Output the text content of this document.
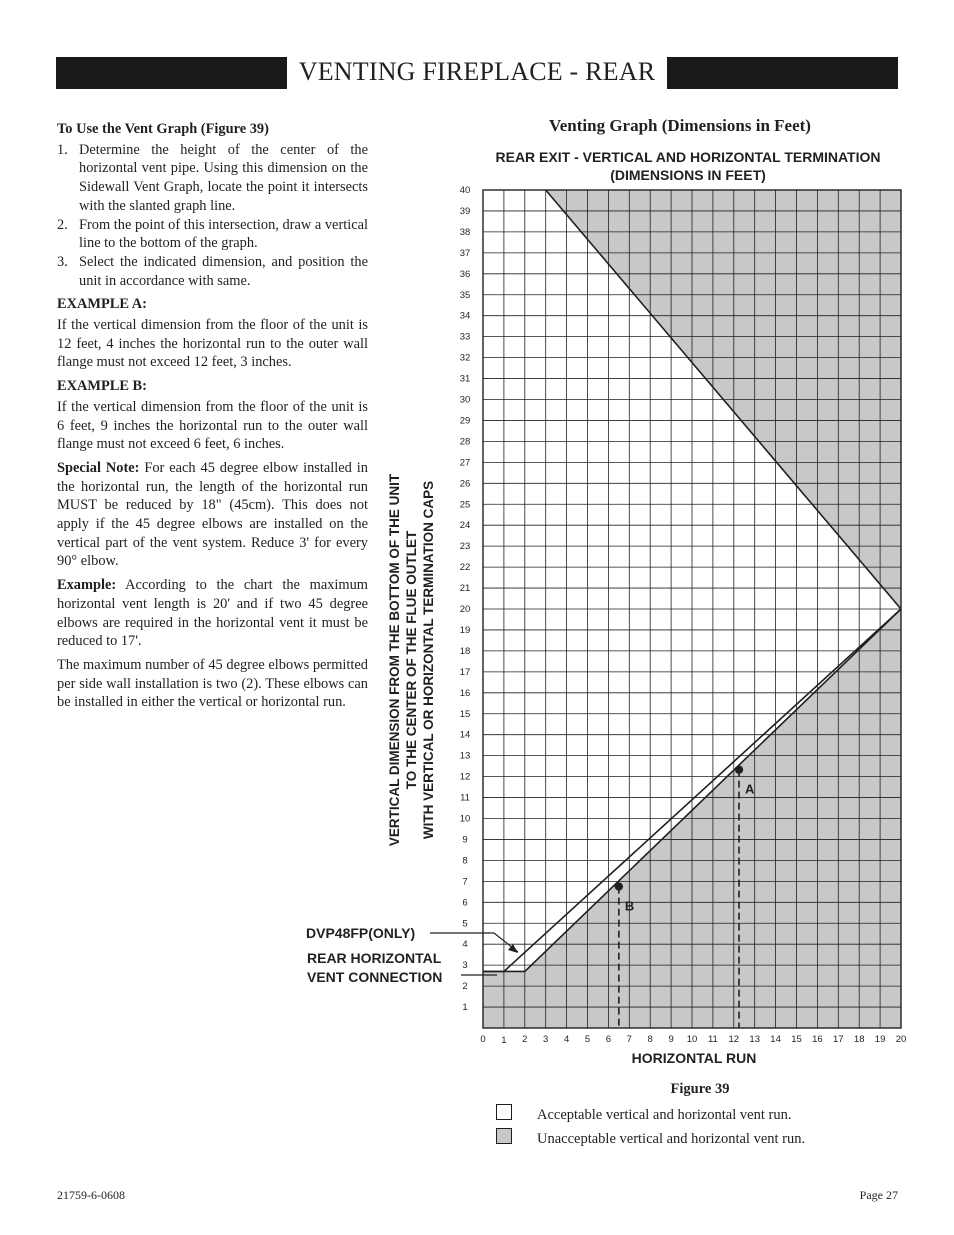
VENTING FIREPLACE - REAR

To Use the Vent Graph (Figure 39)

1. Determine the height of the center of the horizontal vent pipe. Using this dimension on the Sidewall Vent Graph, locate the point it intersects with the slanted graph line.
2. From the point of this intersection, draw a vertical line to the bottom of the graph.
3. Select the indicated dimension, and position the unit in accordance with same.

EXAMPLE A:

If the vertical dimension from the floor of the unit is 12 feet, 4 inches the horizontal run to the outer wall flange must not exceed 12 feet, 3 inches.

EXAMPLE B:

If the vertical dimension from the floor of the unit is 6 feet, 9 inches the horizontal run to the outer wall flange must not exceed 6 feet, 6 inches.

Special Note: For each 45 degree elbow installed in the horizontal run, the length of the horizontal run MUST be reduced by 18" (45cm). This does not apply if the 45 degree elbows are installed on the vertical part of the vent system. Reduce 3' for every 90° elbow.

Example: According to the chart the maximum horizontal vent length is 20' and if two 45 degree elbows are required in the horizontal vent it must be reduced to 17'.

The maximum number of 45 degree elbows permitted per side wall installation is two (2). These elbows can be installed in either the vertical or horizontal run.

Venting Graph (Dimensions in Feet)
REAR EXIT - VERTICAL AND HORIZONTAL TERMINATION
(DIMENSIONS IN FEET)
0 1 2 3 4 5 6 7 8 9 10 11 12 13 14 15 16 17 18 19 20
1
2
3
4
5
6
7
8
9
10
11
12
13
14
15
16
17
18
19
20
21
22
23
24
25
26
27
28
29
30
31
32
33
34
35
36
37
38
39
40
A
B
HORIZONTAL RUN
VERTICAL DIMENSION FROM THE BOTTOM OF THE UNIT TO THE CENTER OF THE FLUE OUTLET WITH VERTICAL OR HORIZONTAL TERMINATION CAPS
DVP48FP(ONLY)
REAR HORIZONTAL
VENT CONNECTION
Figure 39
Acceptable vertical and horizontal vent run.
Unacceptable vertical and horizontal vent run.
21759-6-0608	Page 27
